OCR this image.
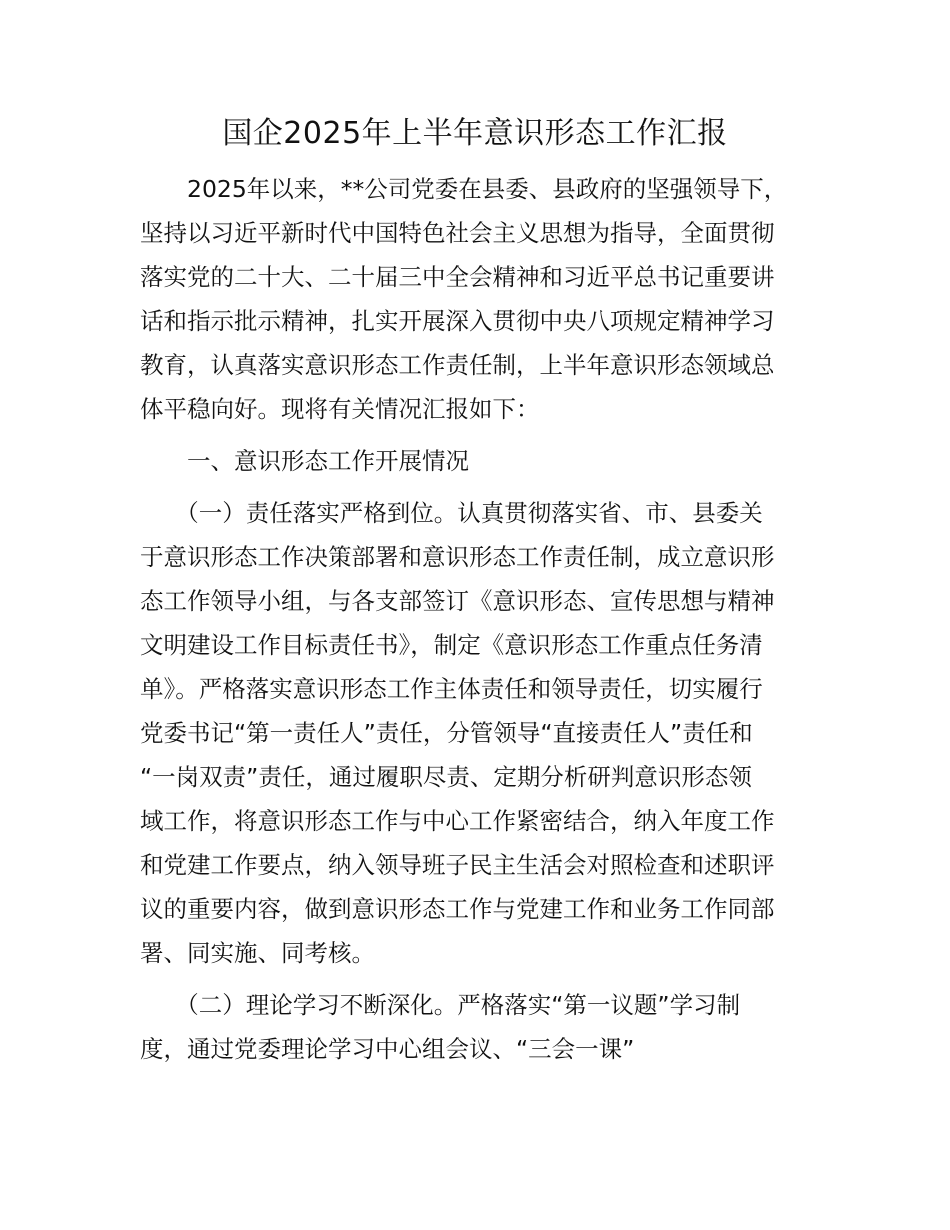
国企2025年上半年意识形态工作汇报
　　2025年以来，**公司党委在县委、县政府的坚强领导下，
坚持以习近平新时代中国特色社会主义思想为指导，全面贯彻
落实党的二十大、二十届三中全会精神和习近平总书记重要讲
话和指示批示精神，扎实开展深入贯彻中央八项规定精神学习
教育，认真落实意识形态工作责任制，上半年意识形态领域总
体平稳向好。现将有关情况汇报如下：
　　一、意识形态工作开展情况
　　（一）责任落实严格到位。认真贯彻落实省、市、县委关
于意识形态工作决策部署和意识形态工作责任制，成立意识形
态工作领导小组，与各支部签订《意识形态、宣传思想与精神
文明建设工作目标责任书》，制定《意识形态工作重点任务清
单》。严格落实意识形态工作主体责任和领导责任，切实履行
党委书记“第一责任人”责任，分管领导“直接责任人”责任和
“一岗双责”责任，通过履职尽责、定期分析研判意识形态领
域工作，将意识形态工作与中心工作紧密结合，纳入年度工作
和党建工作要点，纳入领导班子民主生活会对照检查和述职评
议的重要内容，做到意识形态工作与党建工作和业务工作同部
署、同实施、同考核。
　　（二）理论学习不断深化。严格落实“第一议题”学习制
度，通过党委理论学习中心组会议、“三会一课”
